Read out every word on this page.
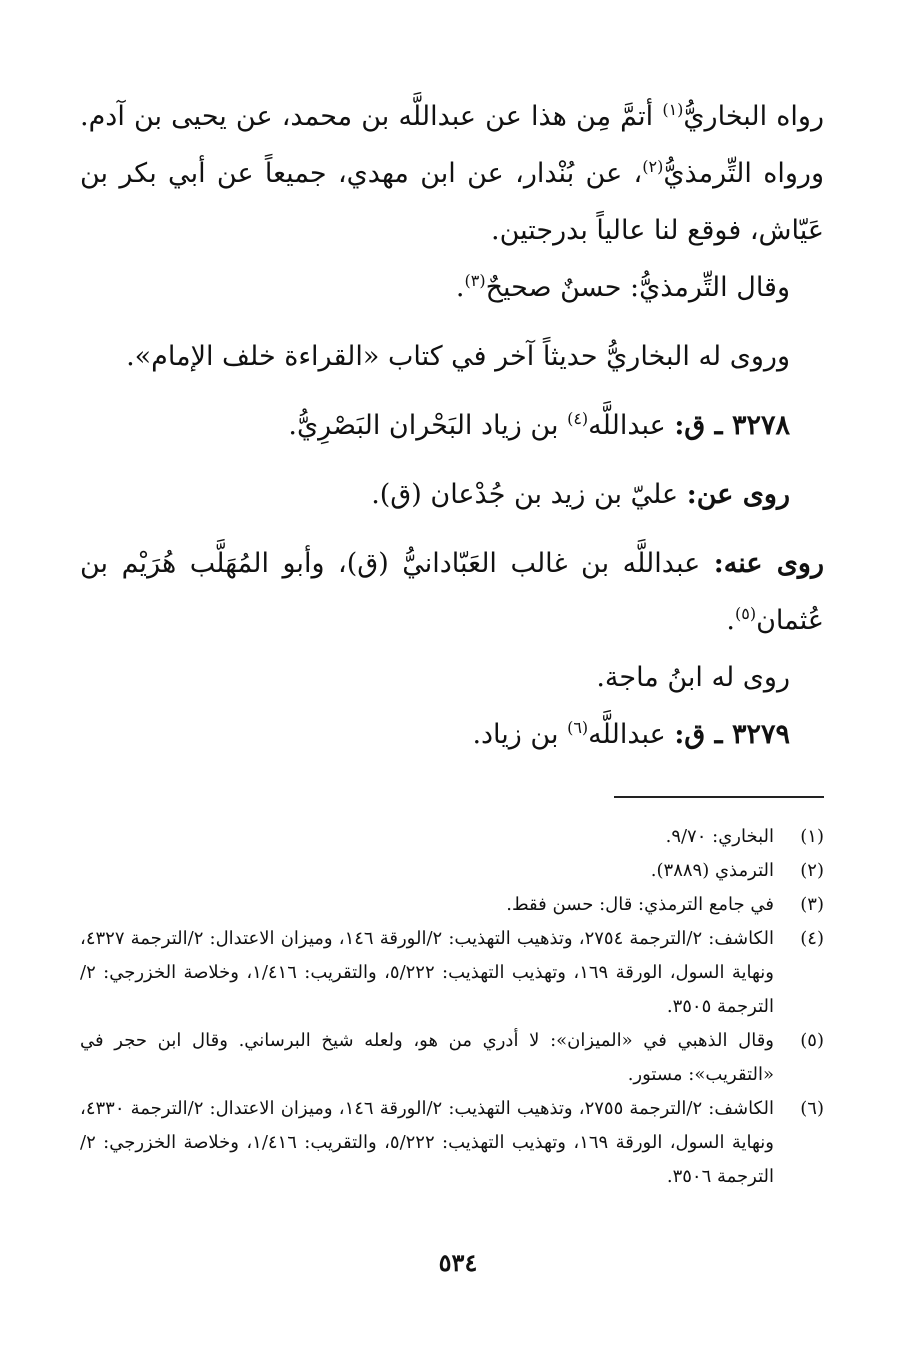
رواه البخاريُّ$^{(١)}$ أتمَّ مِن هذا عن عبداللَّه بن محمد، عن يحيى بن آدم. ورواه التِّرمذيُّ$^{(٢)}$، عن بُنْدار، عن ابن مهدي، جميعاً عن أبي بكر بن عَيّاش، فوقع لنا عالياً بدرجتين.

وقال التِّرمذيُّ: حسنٌ صحيحٌ$^{(٣)}$.

وروى له البخاريُّ حديثاً آخر في كتاب «القراءة خلف الإمام».

٣٢٧٨ ـ ق: عبداللَّه$^{(٤)}$ بن زياد البَحْران البَصْرِيُّ.

روى عن: عليّ بن زيد بن جُدْعان (ق).

روى عنه: عبداللَّه بن غالب العَبّادانيُّ (ق)، وأبو المُهَلَّب هُرَيْم بن عُثمان$^{(٥)}$.

روى له ابنُ ماجة.

٣٢٧٩ ـ ق: عبداللَّه$^{(٦)}$ بن زياد.

(١)
البخاري: ٩/٧٠.
(٢)
الترمذي (٣٨٨٩).
(٣)
في جامع الترمذي: قال: حسن فقط.
(٤)
الكاشف: ٢/الترجمة ٢٧٥٤، وتذهيب التهذيب: ٢/الورقة ١٤٦، وميزان الاعتدال: ٢/الترجمة ٤٣٢٧، ونهاية السول، الورقة ١٦٩، وتهذيب التهذيب: ٥/٢٢٢، والتقريب: ١/٤١٦، وخلاصة الخزرجي: ٢/الترجمة ٣٥٠٥.
(٥)
وقال الذهبي في «الميزان»: لا أدري من هو، ولعله شيخ البرساني. وقال ابن حجر في «التقريب»: مستور.
(٦)
الكاشف: ٢/الترجمة ٢٧٥٥، وتذهيب التهذيب: ٢/الورقة ١٤٦، وميزان الاعتدال: ٢/الترجمة ٤٣٣٠، ونهاية السول، الورقة ١٦٩، وتهذيب التهذيب: ٥/٢٢٢، والتقريب: ١/٤١٦، وخلاصة الخزرجي: ٢/الترجمة ٣٥٠٦.
٥٣٤
